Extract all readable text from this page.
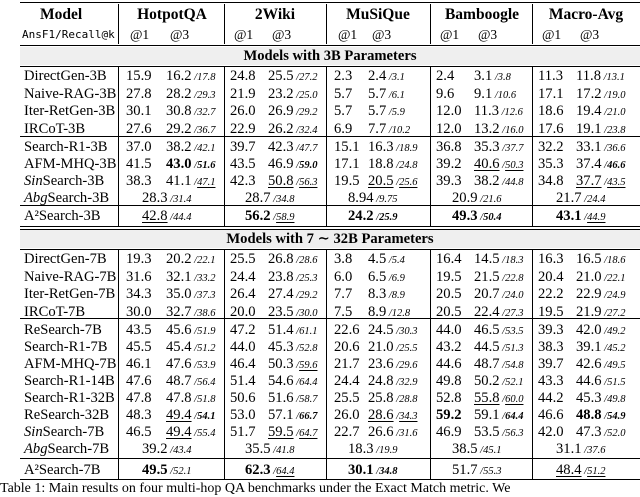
Model	HotpotQA	2Wiki	MuSiQue	Bamboogle Macro-Avg
AnsF1/Recall@k @1 @3	@1 @3	@1 @3	@1 @3	@1 @3
Models with 3B Parameters
DirectGen-3B 15.9 16.2 /17.8 24.8 25.5 /27.2 2.3 2.4 /3.1 2.4 3.1 /3.8 11.3 11.8 /13.1
Naive-RAG-3B 27.8 28.2 /29.3 21.9 23.2 /25.0 5.7 5.7 /6.1 9.6 9.1 /10.6 17.1 17.2 /19.0
Iter-RetGen-3B 30.1 30.8 /32.7 26.0 26.9 /29.2 5.7 5.7 /5.9 12.0 11.3 /12.6 18.6 19.4 /21.0
IRCoT-3B	27.6 29.2 /36.7 22.9 26.2 /32.4 6.9 7.7 /10.2 12.0 13.2 /16.0 17.6 19.1 /23.8
Search-R1-3B 37.0 38.2 /42.1 39.7 42.3 /47.7 15.1 16.3 /18.9 36.8 35.3 /37.7 32.2 33.1 /36.6
AFM-MHQ-3B 41.5 43.0 /51.6 43.5 46.9 /59.0 17.1 18.8 /24.8 39.2 40.6 /50.3 35.3 37.4 /46.6
SinSearch-3B 38.3 41.1 /47.1 42.3 50.8 /56.3 19.5 20.5 /25.6 39.3 38.2 /44.8 34.8 37.7 /43.5
AbgSearch-3B 28.3 /31.4	28.7 /34.8	8.94 /9.75	20.9 /21.6	21.7 /24.4
A²Search-3B	42.8 /44.4	56.2 /58.9	24.2 /25.9	49.3 /50.4	43.1 /44.9
Models with 7 ∼ 32B Parameters
DirectGen-7B 19.3 20.2 /22.1 25.5 26.8 /28.6 3.8 4.5 /5.4 16.4 14.5 /18.3 16.3 16.5 /18.6
Naive-RAG-7B 31.6 32.1 /33.2 24.4 23.8 /25.3 6.0 6.5 /6.9 19.5 21.5 /22.8 20.4 21.0 /22.1
Iter-RetGen-7B 34.3 35.0 /37.3 26.4 27.4 /29.2 7.7 8.3 /8.9 20.5 20.7 /24.0 22.2 22.9 /24.9
IRCoT-7B	30.0 32.7 /38.6 20.0 23.5 /30.0 7.5 8.9 /12.8 20.5 22.4 /27.3 19.5 21.9 /27.2
ReSearch-7B 43.5 45.6 /51.9 47.2 51.4 /61.1 22.6 24.5 /30.3 44.0 46.5 /53.5 39.3 42.0 /49.2
Search-R1-7B 45.5 45.4 /51.2 44.0 45.3 /52.8 20.6 21.0 /25.5 43.2 44.5 /51.3 38.3 39.1 /45.2
AFM-MHQ-7B 46.1 47.6 /53.9 46.4 50.3 /59.6 21.7 23.6 /29.6 44.6 48.7 /54.8 39.7 42.6 /49.5
Search-R1-14B 47.6 48.7 /56.4 51.4 54.6 /64.4 24.4 24.8 /32.9 49.8 50.2 /52.1 43.3 44.6 /51.5
Search-R1-32B 47.8 47.8 /51.8 50.6 51.6 /58.7 25.5 25.8 /28.8 52.8 55.8 /60.0 44.2 45.3 /49.8
ReSearch-32B 48.3 49.4 /54.1 53.0 57.1 /66.7 26.0 28.6 /34.3 59.2 59.1 /64.4 46.6 48.8 /54.9
SinSearch-7B 46.5 49.4 /55.4 51.7 59.5 /64.7 22.7 26.6 /31.6 46.9 53.5 /56.3 42.0 47.3 /52.0
AbgSearch-7B 39.2 /43.4	35.5 /41.8	18.3 /19.9	38.5 /45.1	31.1 /37.6
A²Search-7B	49.5 /52.1	62.3 /64.4	30.1 /34.8	51.7 /55.3	48.4 /51.2
Table 1: Main results on four multi-hop QA benchmarks under the Exact Match metric. We
